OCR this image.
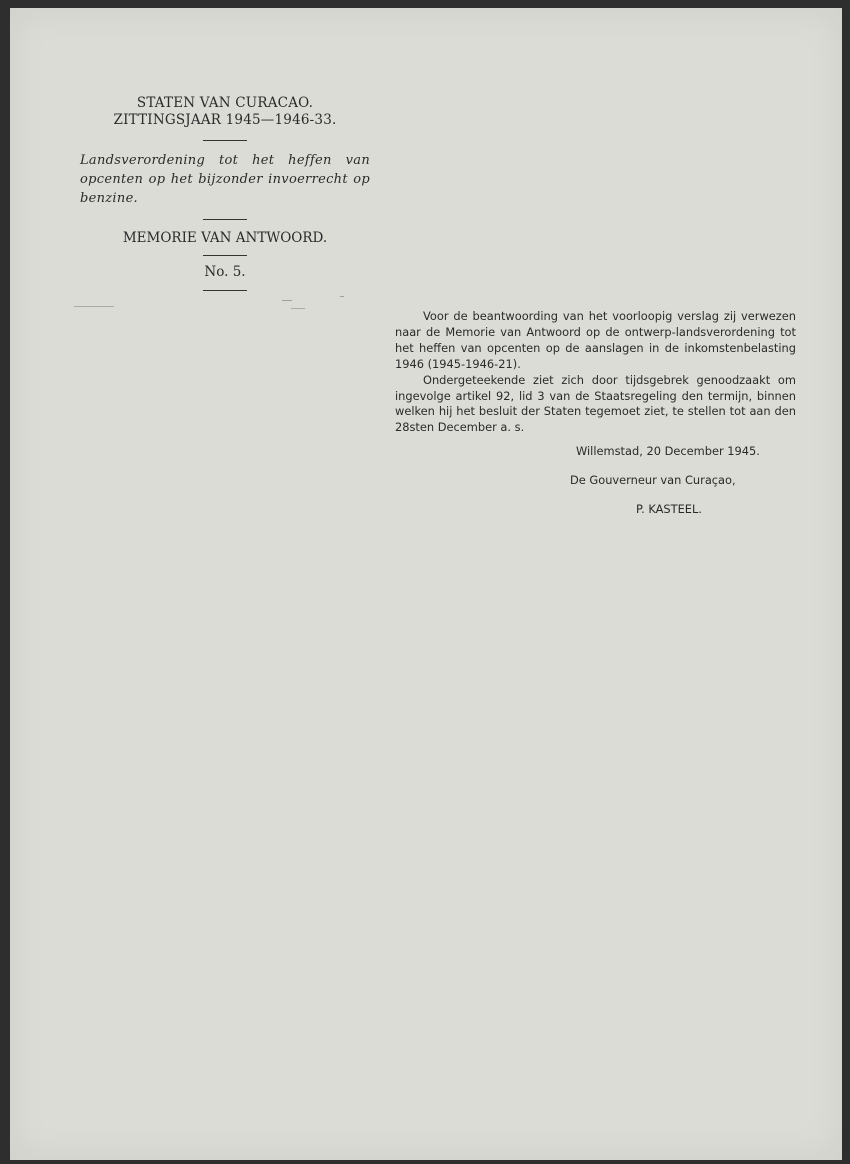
STATEN VAN CURACAO.
ZITTINGSJAAR 1945—1946-33.
Landsverordening tot het heffen van opcenten op het bijzonder invoerrecht op benzine.
MEMORIE VAN ANTWOORD.
No. 5.

Voor de beantwoording van het voorloopig verslag zij verwezen naar de Memorie van Antwoord op de ontwerp-landsverordening tot het heffen van opcenten op de aanslagen in de inkomstenbelasting 1946 (1945-1946-21).

Ondergeteekende ziet zich door tijdsgebrek genoodzaakt om ingevolge artikel 92, lid 3 van de Staatsregeling den termijn, binnen welken hij het besluit der Staten tegemoet ziet, te stellen tot aan den 28sten December a. s.

Willemstad, 20 December 1945.
De Gouverneur van Curaçao,
P. KASTEEL.
